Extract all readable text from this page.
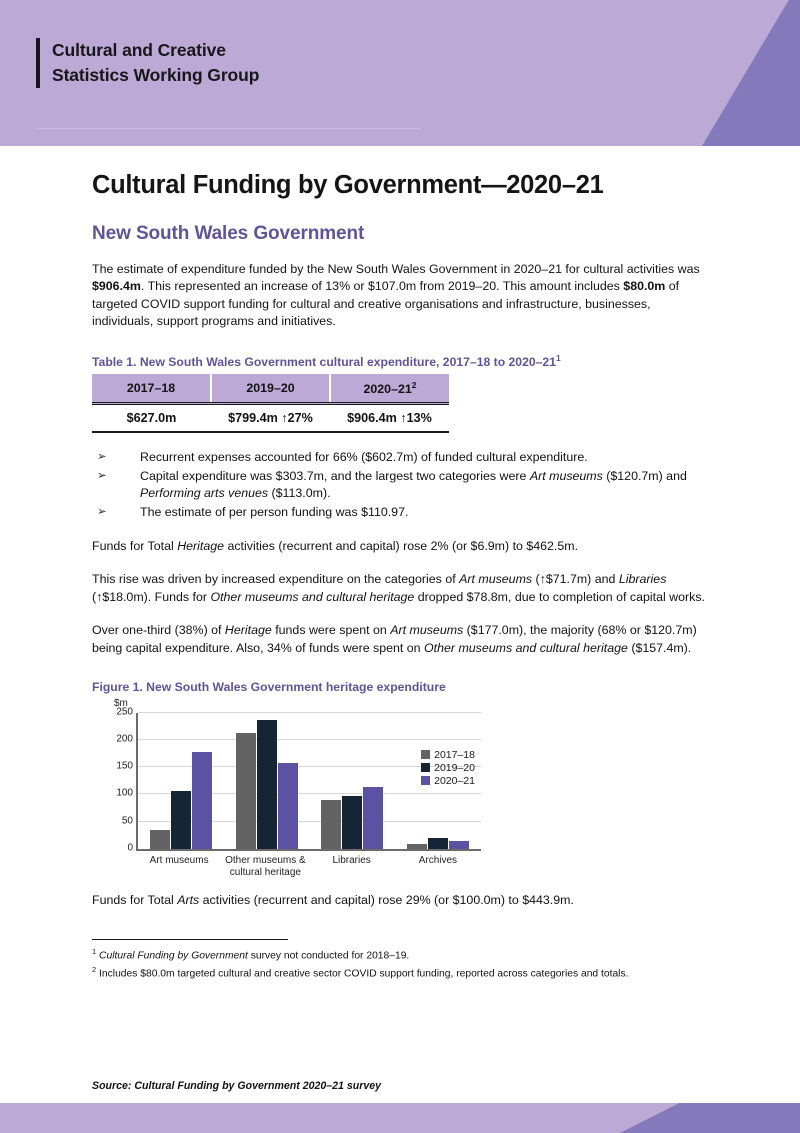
Cultural and Creative
Statistics Working Group
Cultural Funding by Government—2020–21
New South Wales Government

The estimate of expenditure funded by the New South Wales Government in 2020–21 for cultural activities was $906.4m. This represented an increase of 13% or $107.0m from 2019–20. This amount includes $80.0m of targeted COVID support funding for cultural and creative organisations and infrastructure, businesses, individuals, support programs and initiatives.

Table 1. New South Wales Government cultural expenditure, 2017–18 to $2020-21^1$
2017–18	2019–20	$2020-21^2$
$627.0m	$799.4m ↑27%	$906.4m ↑13%
➢	Recurrent expenses accounted for 66% ($602.7m) of funded cultural expenditure.
➢	Capital expenditure was $303.7m, and the largest two categories were Art museums ($120.7m) and Performing arts venues ($113.0m).
➢	The estimate of per person funding was $110.97.

Funds for Total Heritage activities (recurrent and capital) rose 2% (or $6.9m) to $462.5m.

This rise was driven by increased expenditure on the categories of Art museums (↑$71.7m) and Libraries (↑$18.0m). Funds for Other museums and cultural heritage dropped $78.8m, due to completion of capital works.

Over one-third (38%) of Heritage funds were spent on Art museums ($177.0m), the majority (68% or $120.7m) being capital expenditure. Also, 34% of funds were spent on Other museums and cultural heritage ($157.4m).

Figure 1. New South Wales Government heritage expenditure
$m
0
50
100
150
200
250
2017–18
2019–20
2020–21
Art museums	Other museums &
cultural heritage
Libraries	Archives

Funds for Total Arts activities (recurrent and capital) rose 29% (or $100.0m) to $443.9m.

$^1$ Cultural Funding by Government survey not conducted for 2018–19.

$^2$ Includes $80.0m targeted cultural and creative sector COVID support funding, reported across categories and totals.

Source: Cultural Funding by Government 2020–21 survey
